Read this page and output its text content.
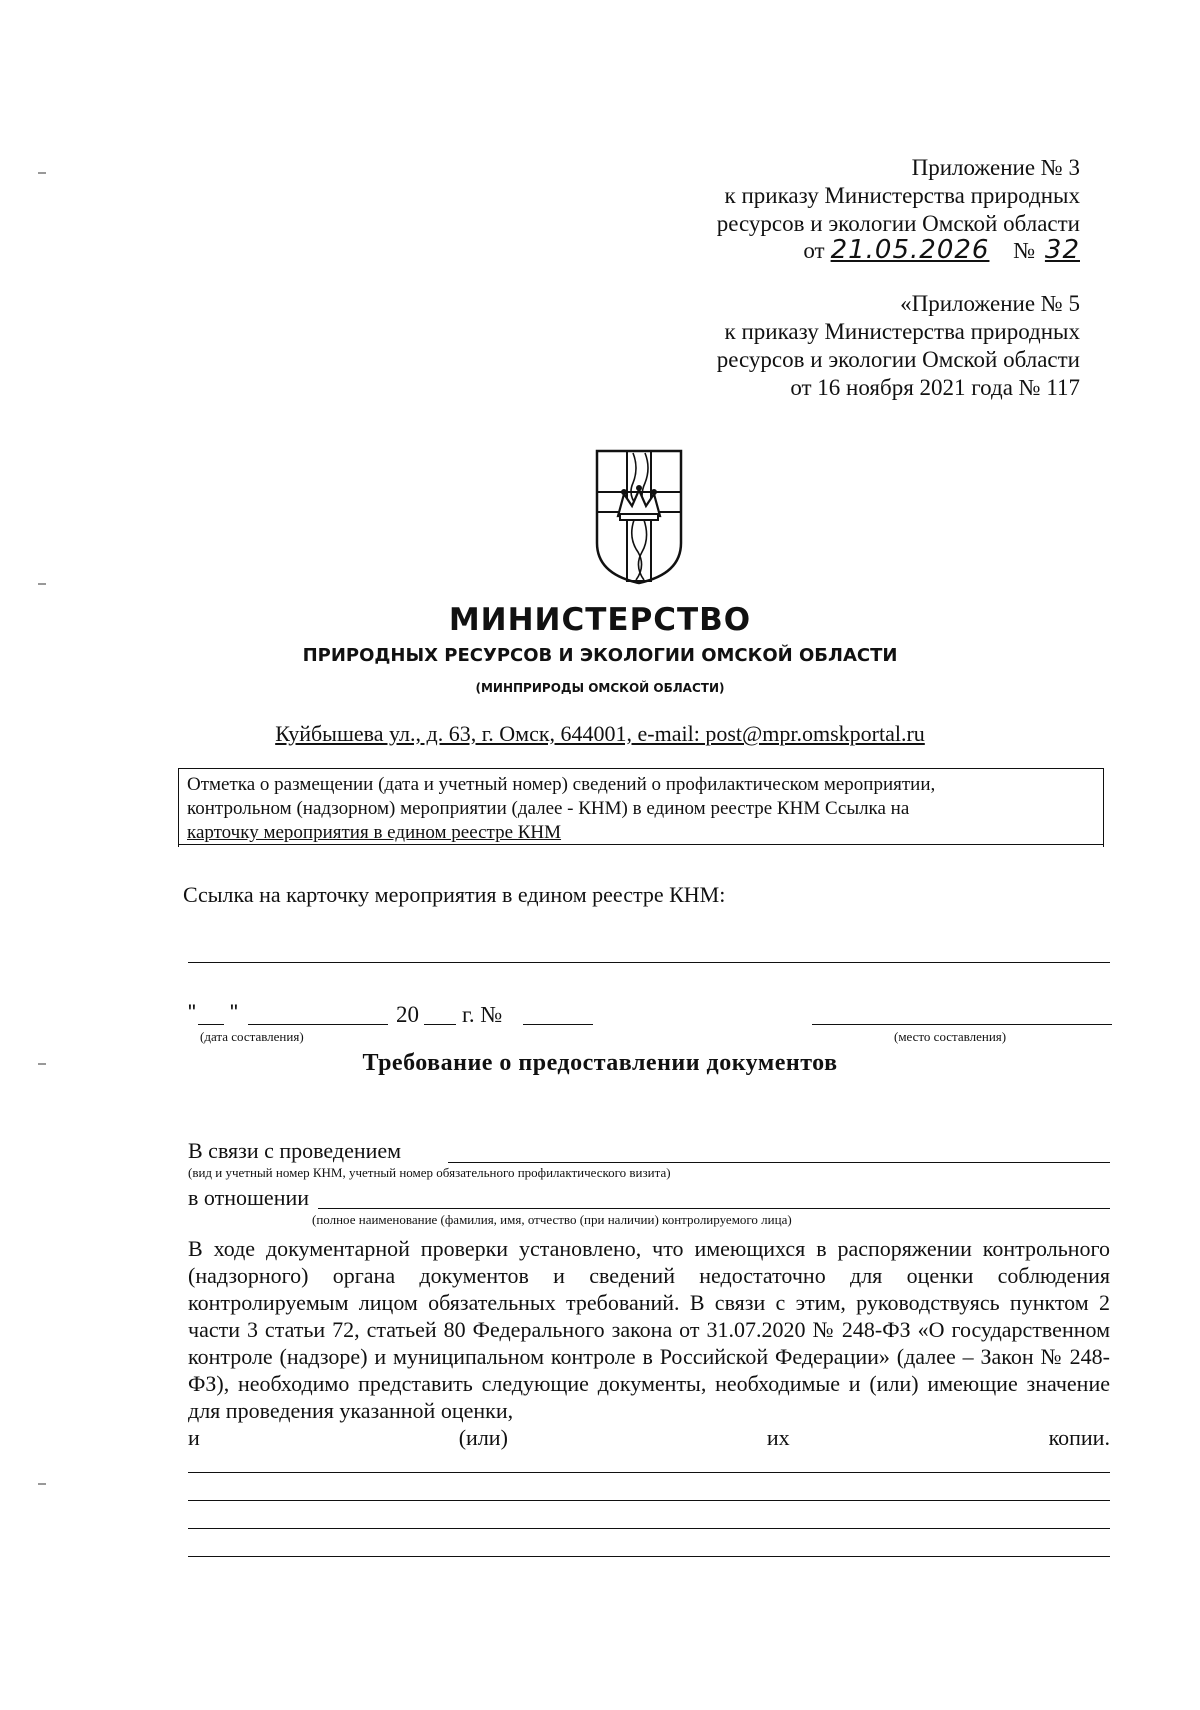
Приложение № 3
к приказу Министерства природных
ресурсов и экологии Омской области
от 21.05.2026 № 32
«Приложение № 5
к приказу Министерства природных
ресурсов и экологии Омской области
от 16 ноября 2021 года № 117
МИНИСТЕРСТВО
ПРИРОДНЫХ РЕСУРСОВ И ЭКОЛОГИИ ОМСКОЙ ОБЛАСТИ
(МИНПРИРОДЫ ОМСКОЙ ОБЛАСТИ)
Куйбышева ул., д. 63, г. Омск, 644001, e-mail: post@mpr.omskportal.ru
Отметка о размещении (дата и учетный номер) сведений о профилактическом мероприятии,
контрольном (надзорном) мероприятии (далее - КНМ) в едином реестре КНМ Ссылка на
карточку мероприятия в едином реестре КНМ
Ссылка на карточку мероприятия в едином реестре КНМ:
" "	20 г. №
(дата составления)	(место составления)
Требование о предоставлении документов
В связи с проведением
(вид и учетный номер КНМ, учетный номер обязательного профилактического визита)
в отношении
(полное наименование (фамилия, имя, отчество (при наличии) контролируемого лица)
В ходе документарной проверки установлено, что имеющихся в распоряжении контрольного (надзорного) органа документов и сведений недостаточно для оценки соблюдения контролируемым лицом обязательных требований. В связи с этим, руководствуясь пунктом 2 части 3 статьи 72, статьей 80 Федерального закона от 31.07.2020 № 248-ФЗ «О государственном контроле (надзоре) и муниципальном контроле в Российской Федерации» (далее – Закон № 248-ФЗ), необходимо представить следующие документы, необходимые и (или) имеющие значение для проведения указанной оценки,
и	(или)	их	копии.
